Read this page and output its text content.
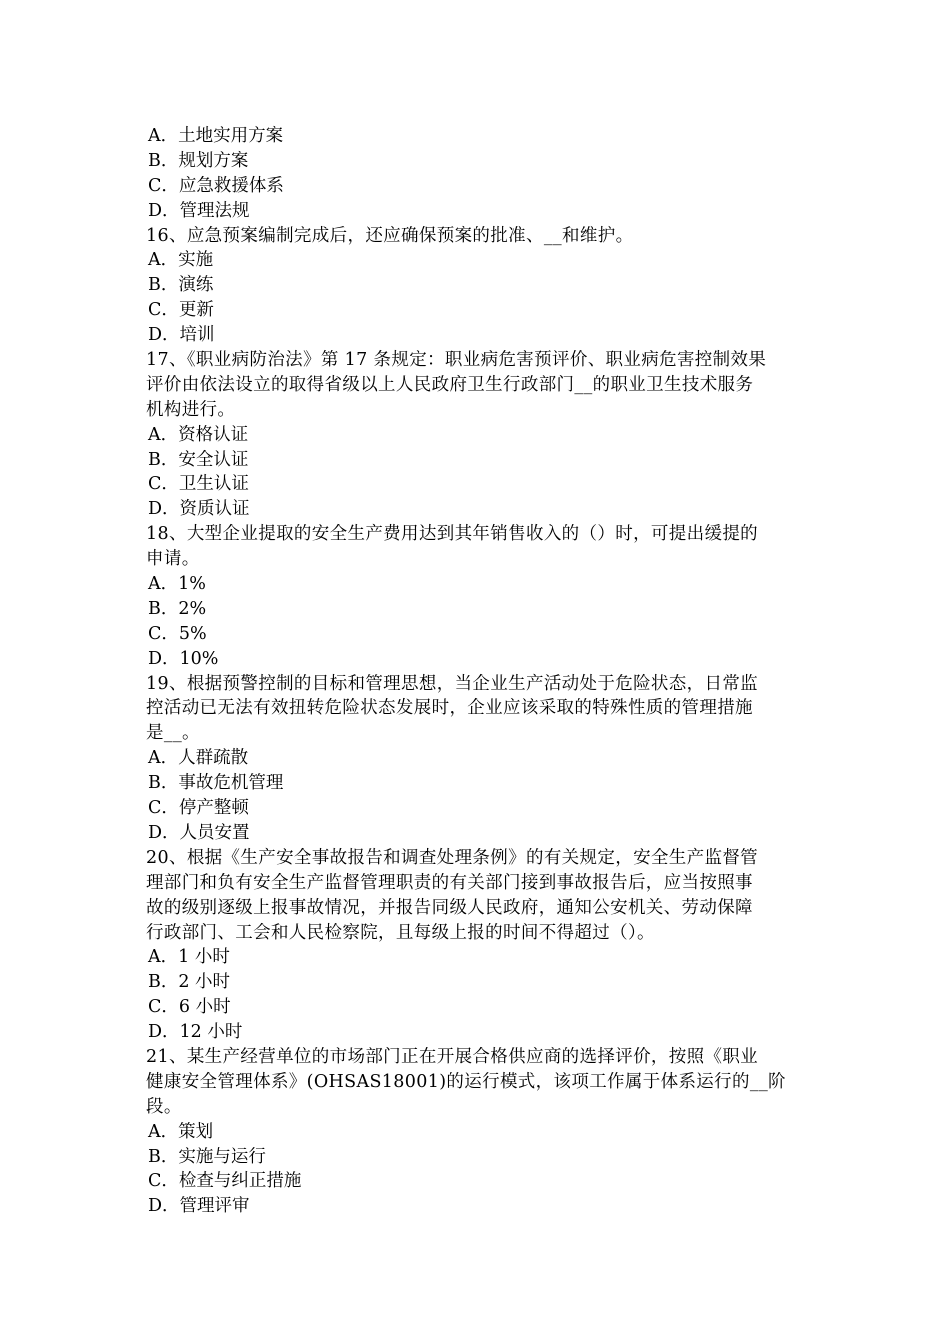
A．土地实用方案
B．规划方案
C．应急救援体系
D．管理法规
16、应急预案编制完成后，还应确保预案的批准、__和维护。
A．实施
B．演练
C．更新
D．培训
17、《职业病防治法》第 17 条规定：职业病危害预评价、职业病危害控制效果
评价由依法设立的取得省级以上人民政府卫生行政部门__的职业卫生技术服务
机构进行。
A．资格认证
B．安全认证
C．卫生认证
D．资质认证
18、大型企业提取的安全生产费用达到其年销售收入的（）时，可提出缓提的
申请。
A．1%
B．2%
C．5%
D．10%
19、根据预警控制的目标和管理思想，当企业生产活动处于危险状态，日常监
控活动已无法有效扭转危险状态发展时，企业应该采取的特殊性质的管理措施
是__。
A．人群疏散
B．事故危机管理
C．停产整顿
D．人员安置
20、根据《生产安全事故报告和调查处理条例》的有关规定，安全生产监督管
理部门和负有安全生产监督管理职责的有关部门接到事故报告后，应当按照事
故的级别逐级上报事故情况，并报告同级人民政府，通知公安机关、劳动保障
行政部门、工会和人民检察院，且每级上报的时间不得超过（）。
A．1 小时
B．2 小时
C．6 小时
D．12 小时
21、某生产经营单位的市场部门正在开展合格供应商的选择评价，按照《职业
健康安全管理体系》(OHSAS18001)的运行模式，该项工作属于体系运行的__阶
段。
A．策划
B．实施与运行
C．检查与纠正措施
D．管理评审
